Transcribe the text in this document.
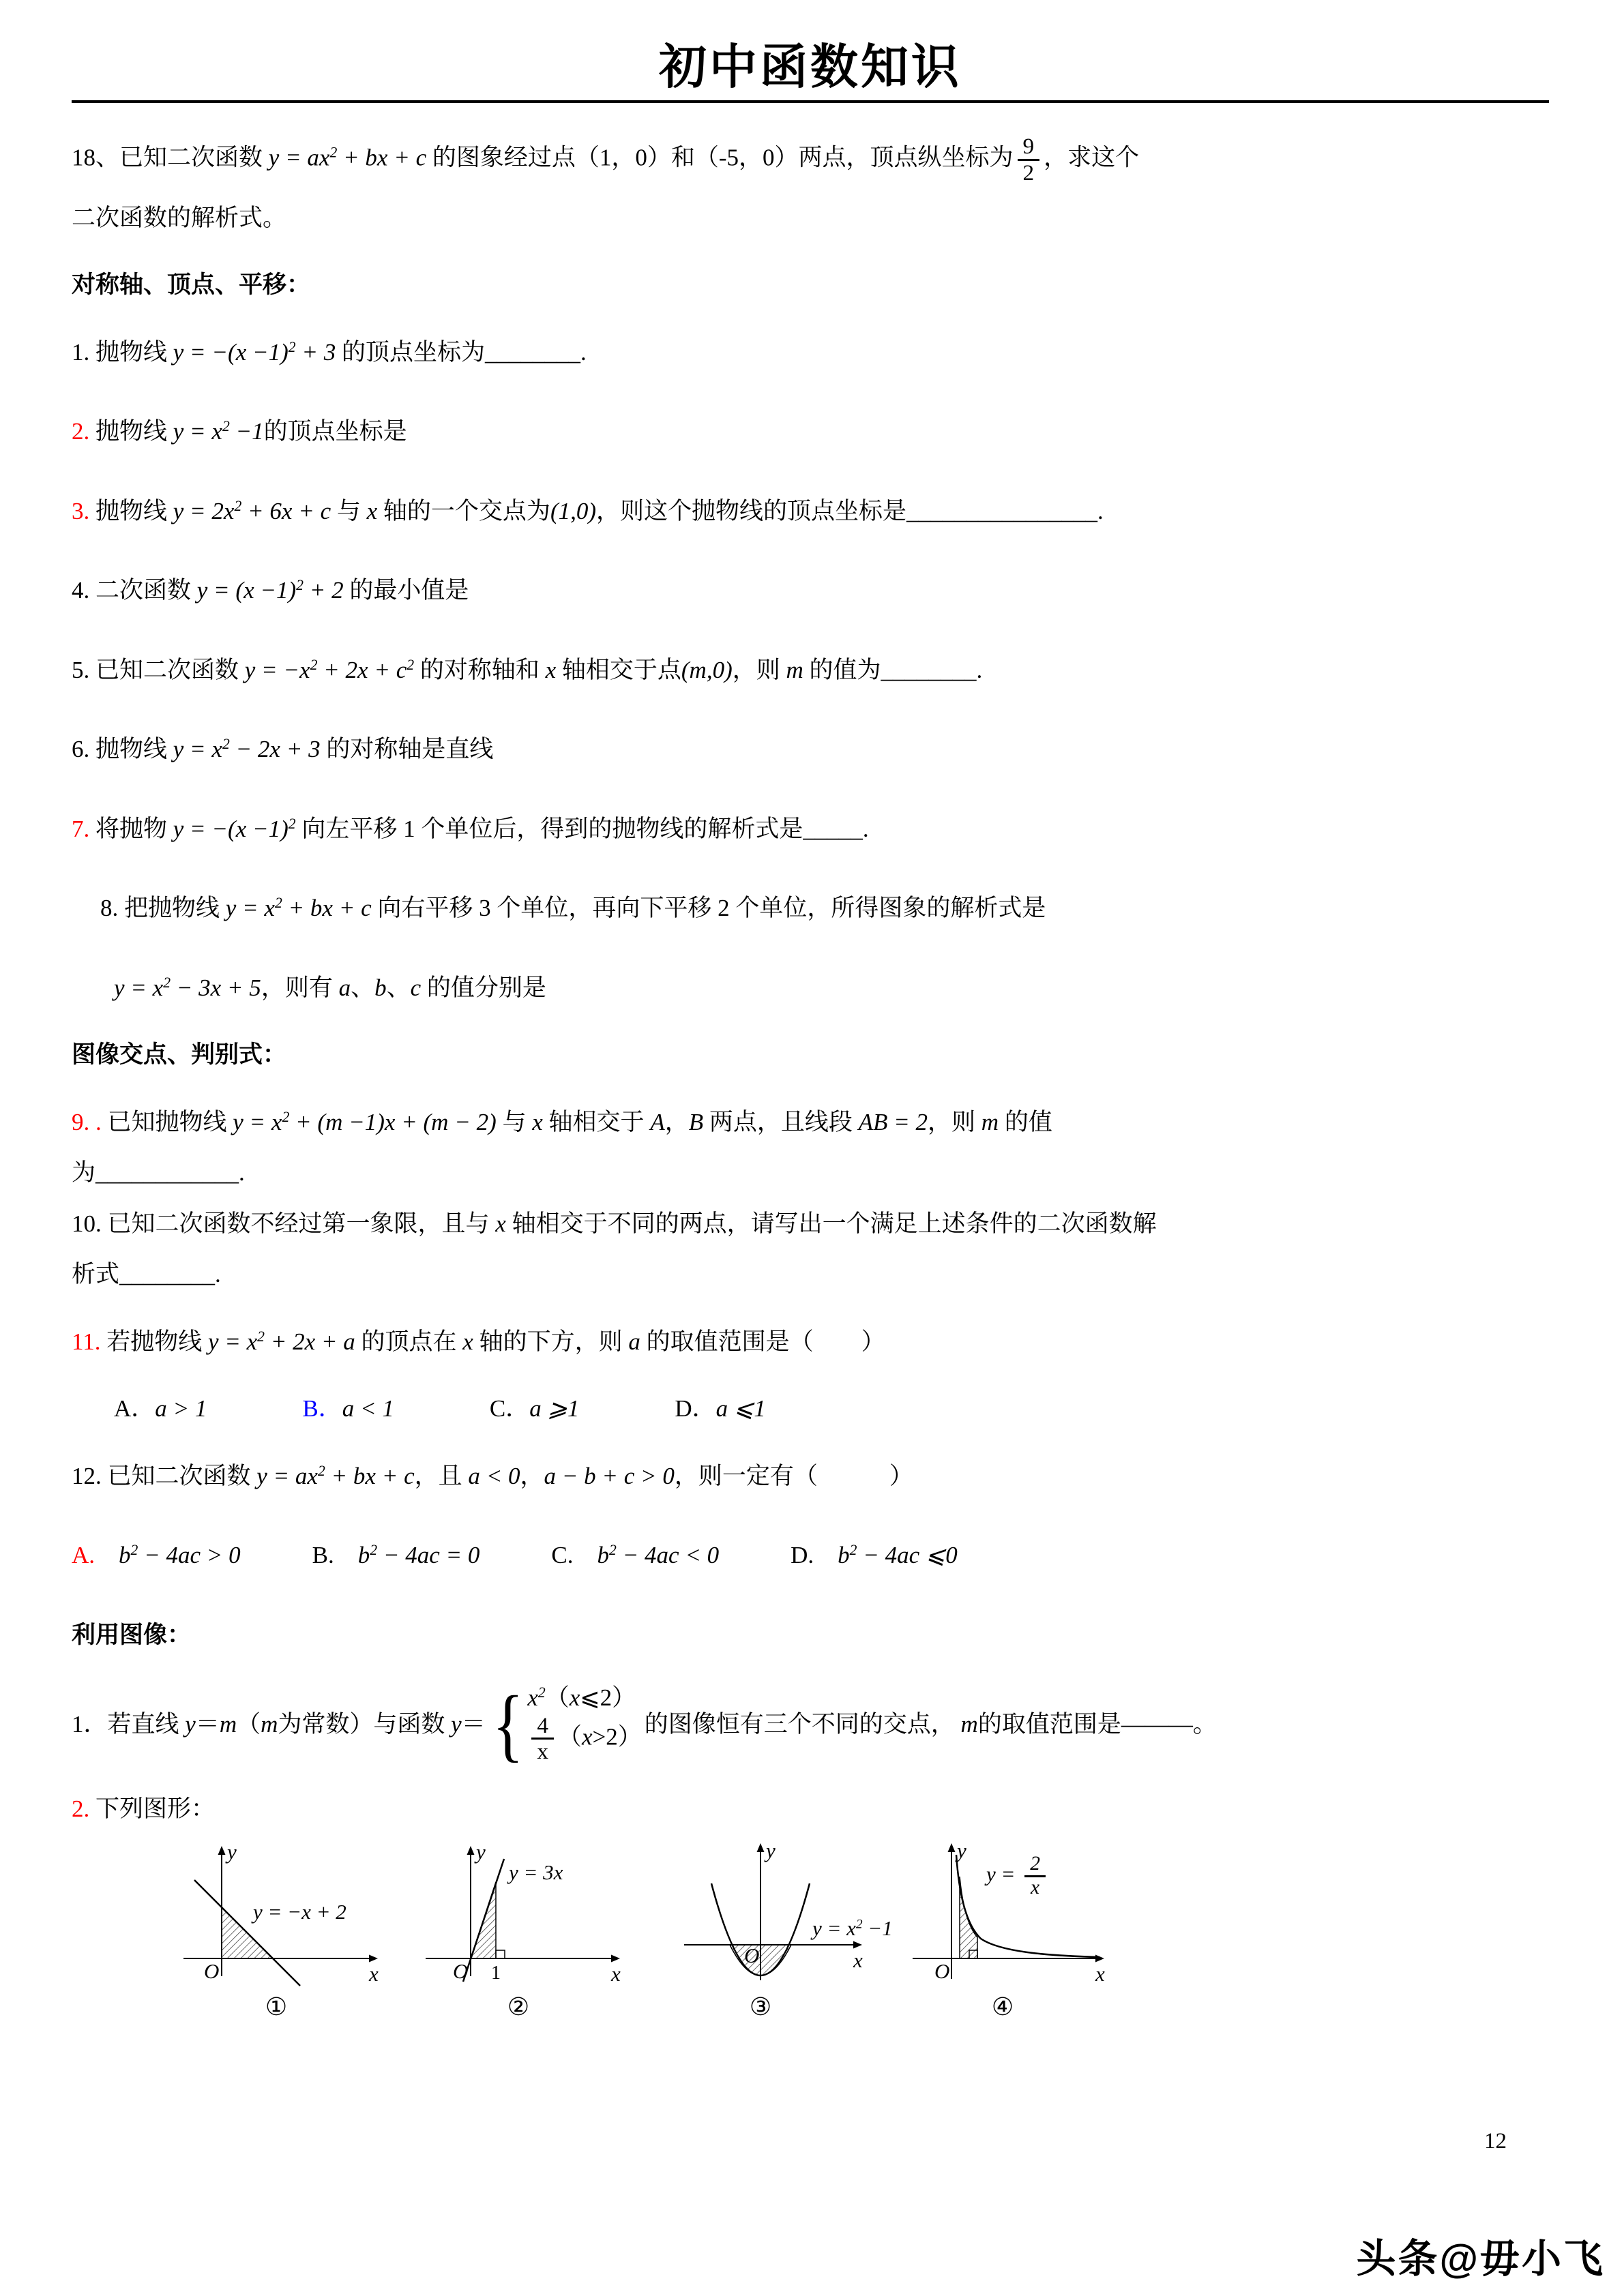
初中函数知识

18、已知二次函数 $y = ax^2$ + bx + c 的图象经过点（1，0）和（-5，0）两点，顶点纵坐标为 $\frac{9}{2}$ ，求这个

二次函数的解析式。

对称轴、顶点、平移：

1. 抛物线 $y = -(x -1)^2 + 3$ 的顶点坐标为________.

2. 抛物线 $y = x^2 -1$的顶点坐标是

3. 抛物线 $y = 2x^2 + 6x + c$ 与 x 轴的一个交点为(1,0)，则这个抛物线的顶点坐标是________________.

4. 二次函数 $y = (x -1)^2 + 2$ 的最小值是

5. 已知二次函数 $y = -x^2 + 2x + c^2$ 的对称轴和 x 轴相交于点(m,0)，则 m 的值为________.

6. 抛物线 $y = x^2 - 2x + 3$ 的对称轴是直线

7. 将抛物 $y = -(x -1)^2$ 向左平移 1 个单位后，得到的抛物线的解析式是_____.

8. 把抛物线 $y = x^2$ + bx + c 向右平移 3 个单位，再向下平移 2 个单位，所得图象的解析式是

$y = x^2 - 3x + 5$，则有 a、b、c 的值分别是

图像交点、判别式：

9. . 已知抛物线 $y = x^2 + (m -1)x + (m - 2)$ 与 x 轴相交于 A，B 两点，且线段 AB = 2，则 m 的值

为____________.

10. 已知二次函数不经过第一象限，且与 x 轴相交于不同的两点，请写出一个满足上述条件的二次函数解

析式________.

11. 若抛物线 $y = x^2 + 2x + a$ 的顶点在 x 轴的下方，则 a 的取值范围是（　　）

A．a > 1　　　　	B．a < 1　　　　C．a ⩾1　　　　D．a ⩽1

12. 已知二次函数 $y = ax^2$ + bx + c，且 a < 0，a − b + c > 0，则一定有（　　　）

A.　 $b^2 - 4ac > 0$　　　B.　$b^2 - 4ac = 0$　　　C.　$b^2 - 4ac < 0$　　　D.　$b^2 - 4ac$ ⩽0

利用图像：

1．若直线 y＝m（m为常数）与函数 y＝ { $x^2(x⩽2)$
$\frac{4}{x} (x>2)$ 的图像恒有三个不同的交点， m的取值范围是———。

2. 下列图形：

y
x
O
y = −x + 2
①
y
x
O 1
y = 3x
②
y
x
O
$y = x^2 -1$
③
y
x
O
$y = \frac{2}{x}$
④
12
头条@毋小飞
